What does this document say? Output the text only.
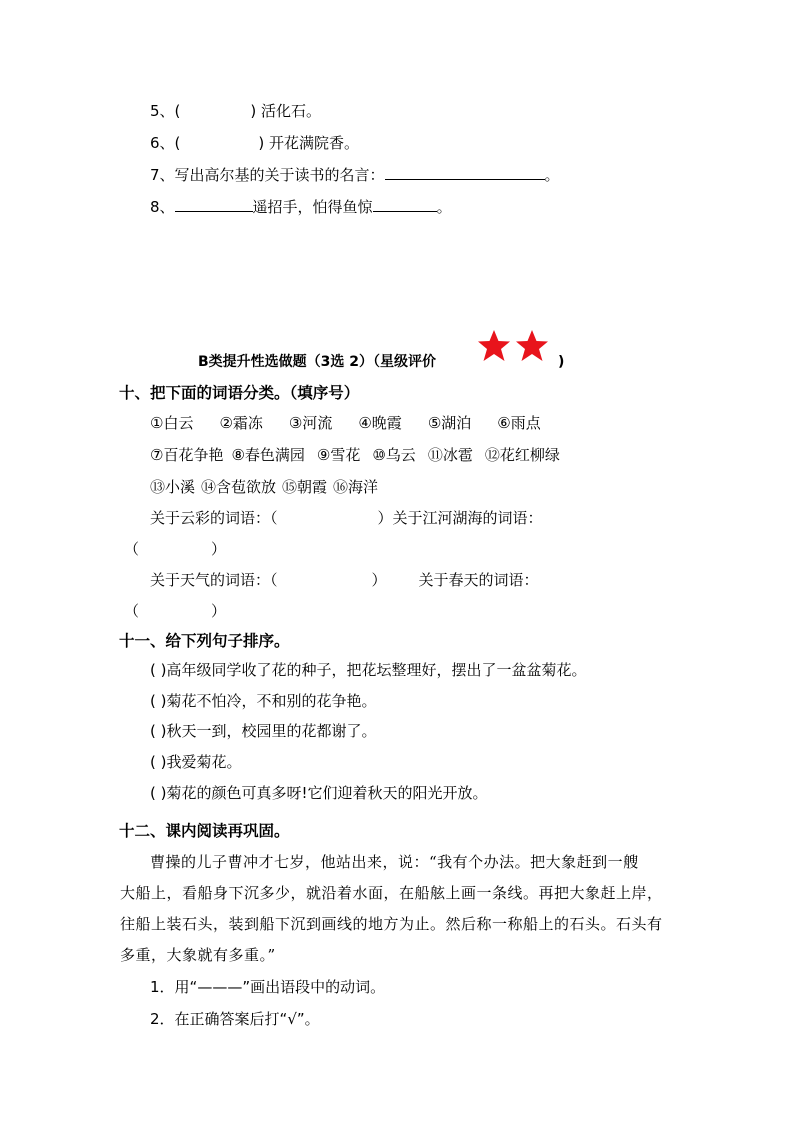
5、(	) 活化石。
6、(	) 开花满院香。
7、写出高尔基的关于读书的名言：	。
8、	遥招手，怕得鱼惊	。
B类提升性选做题（3选 2）（星级评价	)
十、把下面的词语分类。（填序号）
①白云 ②霜冻 ③河流 ④晚霞 ⑤湖泊 ⑥雨点
⑦百花争艳 ⑧春色满园 ⑨雪花 ⑩乌云 ⑪冰雹 ⑫花红柳绿
⑬小溪 ⑭含苞欲放 ⑮朝霞 ⑯海洋
关于云彩的词语：（	）关于江河湖海的词语：
（	）
关于天气的词语：（	） 关于春天的词语：
（	）
十一、给下列句子排序。
( )高年级同学收了花的种子，把花坛整理好，摆出了一盆盆菊花。
( )菊花不怕冷，不和别的花争艳。
( )秋天一到，校园里的花都谢了。
( )我爱菊花。
( )菊花的颜色可真多呀!它们迎着秋天的阳光开放。
十二、课内阅读再巩固。
曹操的儿子曹冲才七岁，他站出来，说：“我有个办法。把大象赶到一艘
大船上，看船身下沉多少，就沿着水面，在船舷上画一条线。再把大象赶上岸，
往船上装石头，装到船下沉到画线的地方为止。然后称一称船上的石头。石头有
多重，大象就有多重。”
1．用“———”画出语段中的动词。
2．在正确答案后打“√”。
